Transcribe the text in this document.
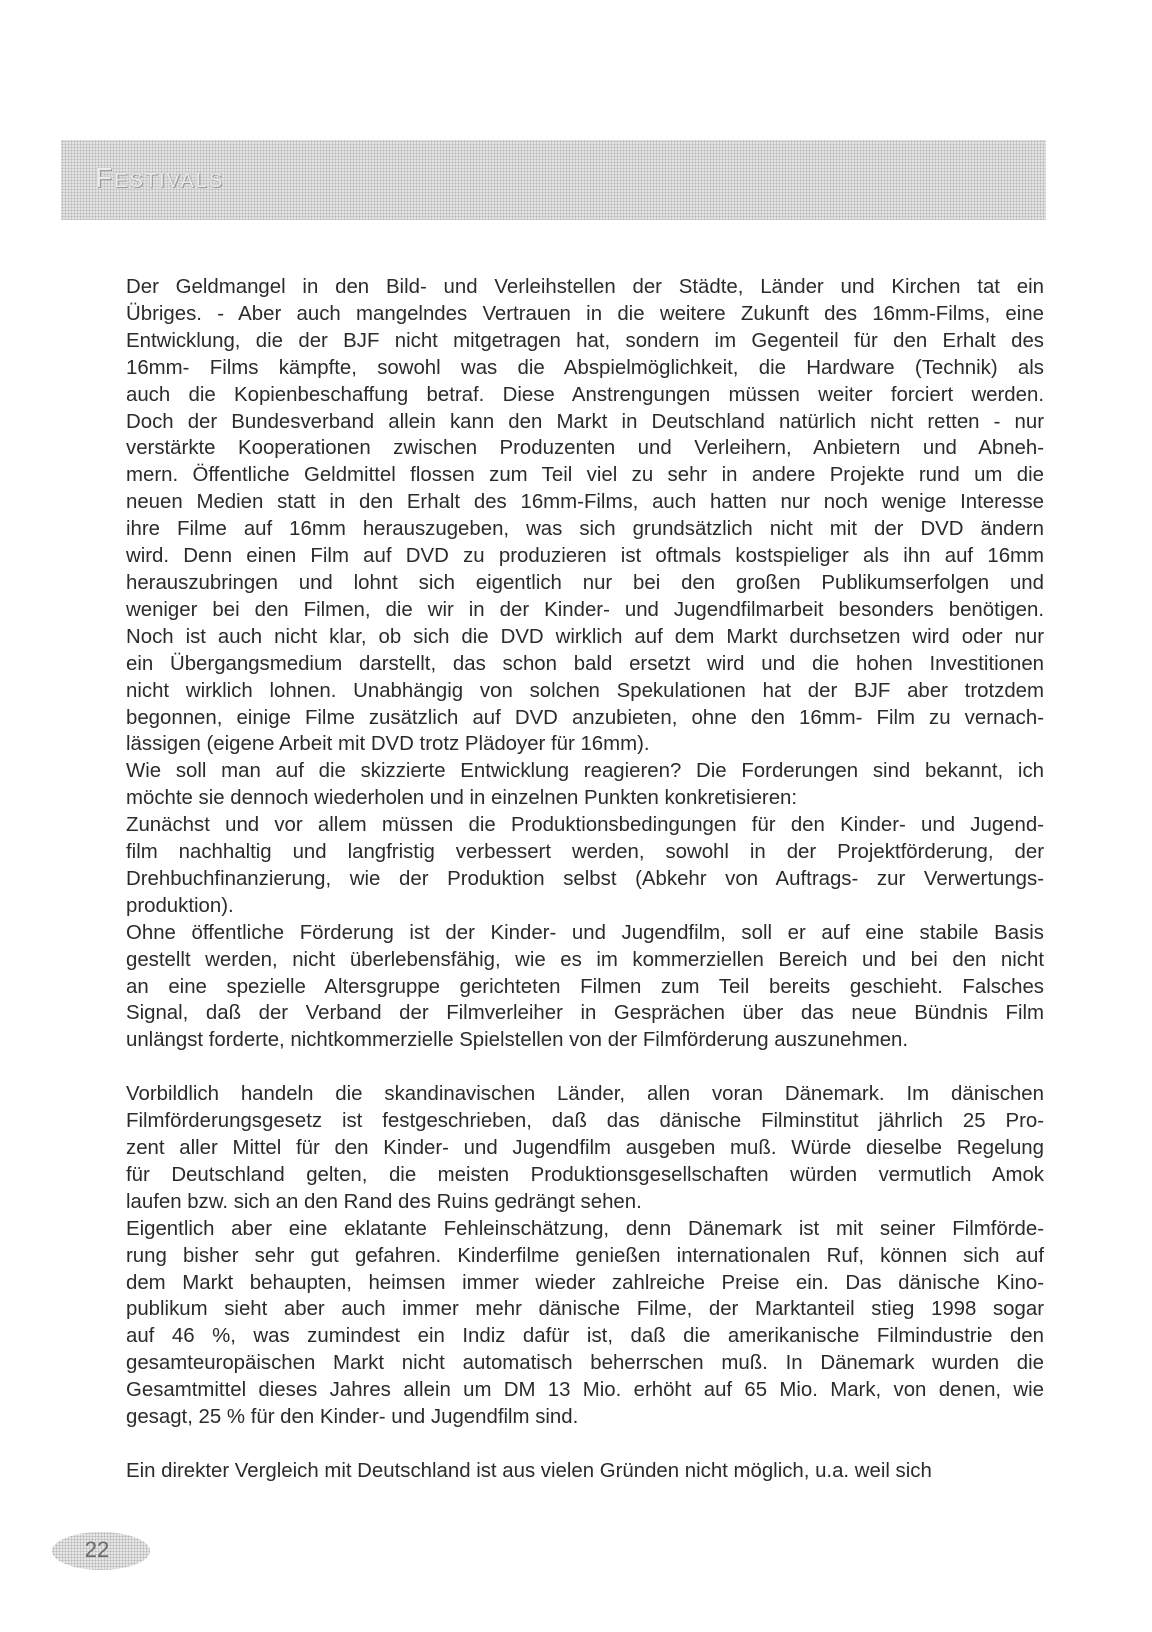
Festivals
Der Geldmangel in den Bild- und Verleihstellen der Städte, Länder und Kirchen tat ein
Übriges. - Aber auch mangelndes Vertrauen in die weitere Zukunft des 16mm-Films, eine
Entwicklung, die der BJF nicht mitgetragen hat, sondern im Gegenteil für den Erhalt des
16mm- Films kämpfte, sowohl was die Abspielmöglichkeit, die Hardware (Technik) als
auch die Kopienbeschaffung betraf. Diese Anstrengungen müssen weiter forciert werden.
Doch der Bundesverband allein kann den Markt in Deutschland natürlich nicht retten - nur
verstärkte Kooperationen zwischen Produzenten und Verleihern, Anbietern und Abneh-
mern. Öffentliche Geldmittel flossen zum Teil viel zu sehr in andere Projekte rund um die
neuen Medien statt in den Erhalt des 16mm-Films, auch hatten nur noch wenige Interesse
ihre Filme auf 16mm herauszugeben, was sich grundsätzlich nicht mit der DVD ändern
wird. Denn einen Film auf DVD zu produzieren ist oftmals kostspieliger als ihn auf 16mm
herauszubringen und lohnt sich eigentlich nur bei den großen Publikumserfolgen und
weniger bei den Filmen, die wir in der Kinder- und Jugendfilmarbeit besonders benötigen.
Noch ist auch nicht klar, ob sich die DVD wirklich auf dem Markt durchsetzen wird oder nur
ein Übergangsmedium darstellt, das schon bald ersetzt wird und die hohen Investitionen
nicht wirklich lohnen. Unabhängig von solchen Spekulationen hat der BJF aber trotzdem
begonnen, einige Filme zusätzlich auf DVD anzubieten, ohne den 16mm- Film zu vernach-
lässigen (eigene Arbeit mit DVD trotz Plädoyer für 16mm).
Wie soll man auf die skizzierte Entwicklung reagieren? Die Forderungen sind bekannt, ich
möchte sie dennoch wiederholen und in einzelnen Punkten konkretisieren:
Zunächst und vor allem müssen die Produktionsbedingungen für den Kinder- und Jugend-
film nachhaltig und langfristig verbessert werden, sowohl in der Projektförderung, der
Drehbuchfinanzierung, wie der Produktion selbst (Abkehr von Auftrags- zur Verwertungs-
produktion).
Ohne öffentliche Förderung ist der Kinder- und Jugendfilm, soll er auf eine stabile Basis
gestellt werden, nicht überlebensfähig, wie es im kommerziellen Bereich und bei den nicht
an eine spezielle Altersgruppe gerichteten Filmen zum Teil bereits geschieht. Falsches
Signal, daß der Verband der Filmverleiher in Gesprächen über das neue Bündnis Film
unlängst forderte, nichtkommerzielle Spielstellen von der Filmförderung auszunehmen.
Vorbildlich handeln die skandinavischen Länder, allen voran Dänemark. Im dänischen
Filmförderungsgesetz ist festgeschrieben, daß das dänische Filminstitut jährlich 25 Pro-
zent aller Mittel für den Kinder- und Jugendfilm ausgeben muß. Würde dieselbe Regelung
für Deutschland gelten, die meisten Produktionsgesellschaften würden vermutlich Amok
laufen bzw. sich an den Rand des Ruins gedrängt sehen.
Eigentlich aber eine eklatante Fehleinschätzung, denn Dänemark ist mit seiner Filmförde-
rung bisher sehr gut gefahren. Kinderfilme genießen internationalen Ruf, können sich auf
dem Markt behaupten, heimsen immer wieder zahlreiche Preise ein. Das dänische Kino-
publikum sieht aber auch immer mehr dänische Filme, der Marktanteil stieg 1998 sogar
auf 46 %, was zumindest ein Indiz dafür ist, daß die amerikanische Filmindustrie den
gesamteuropäischen Markt nicht automatisch beherrschen muß. In Dänemark wurden die
Gesamtmittel dieses Jahres allein um DM 13 Mio. erhöht auf 65 Mio. Mark, von denen, wie
gesagt, 25 % für den Kinder- und Jugendfilm sind.
Ein direkter Vergleich mit Deutschland ist aus vielen Gründen nicht möglich, u.a. weil sich
22
